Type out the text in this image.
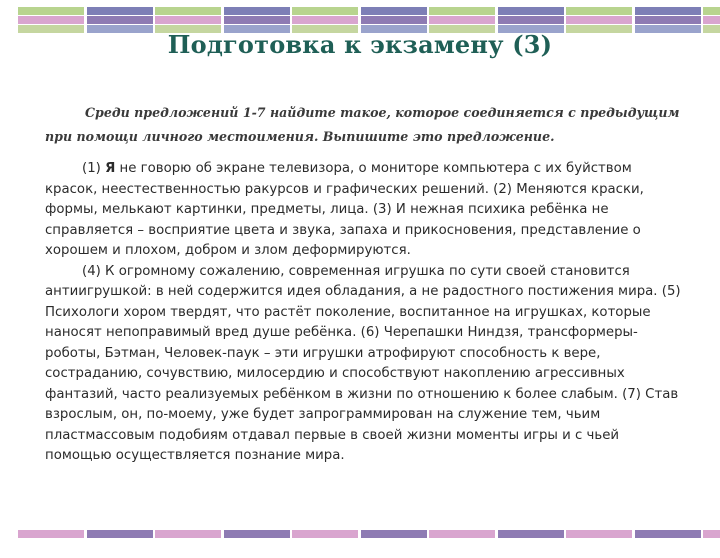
Подготовка к экзамену (3)
Среди предложений 1-7 найдите такое, которое соединяется с предыдущим при помощи личного местоимения. Выпишите это предложение.

(1) Я не говорю об экране телевизора, о мониторе компьютера с их буйством красок, неестественностью ракурсов и графических решений. (2) Меняются краски, формы, мелькают картинки, предметы, лица. (3) И нежная психика ребёнка не справляется – восприятие цвета и звука, запаха и прикосновения, представление о хорошем и плохом, добром и злом деформируются.

(4) К огромному сожалению, современная игрушка по сути своей становится антиигрушкой: в ней содержится идея обладания, а не радостного постижения мира. (5) Психологи хором твердят, что растёт поколение, воспитанное на игрушках, которые наносят непоправимый вред душе ребёнка. (6) Черепашки Ниндзя, трансформеры-роботы, Бэтман, Человек-паук – эти игрушки атрофируют способность к вере, состраданию, сочувствию, милосердию и способствуют накоплению агрессивных фантазий, часто реализуемых ребёнком в жизни по отношению к более слабым. (7) Став взрослым, он, по-моему, уже будет запрограммирован на служение тем, чьим пластмассовым подобиям отдавал первые в своей жизни моменты игры и с чьей помощью осуществляется познание мира.
